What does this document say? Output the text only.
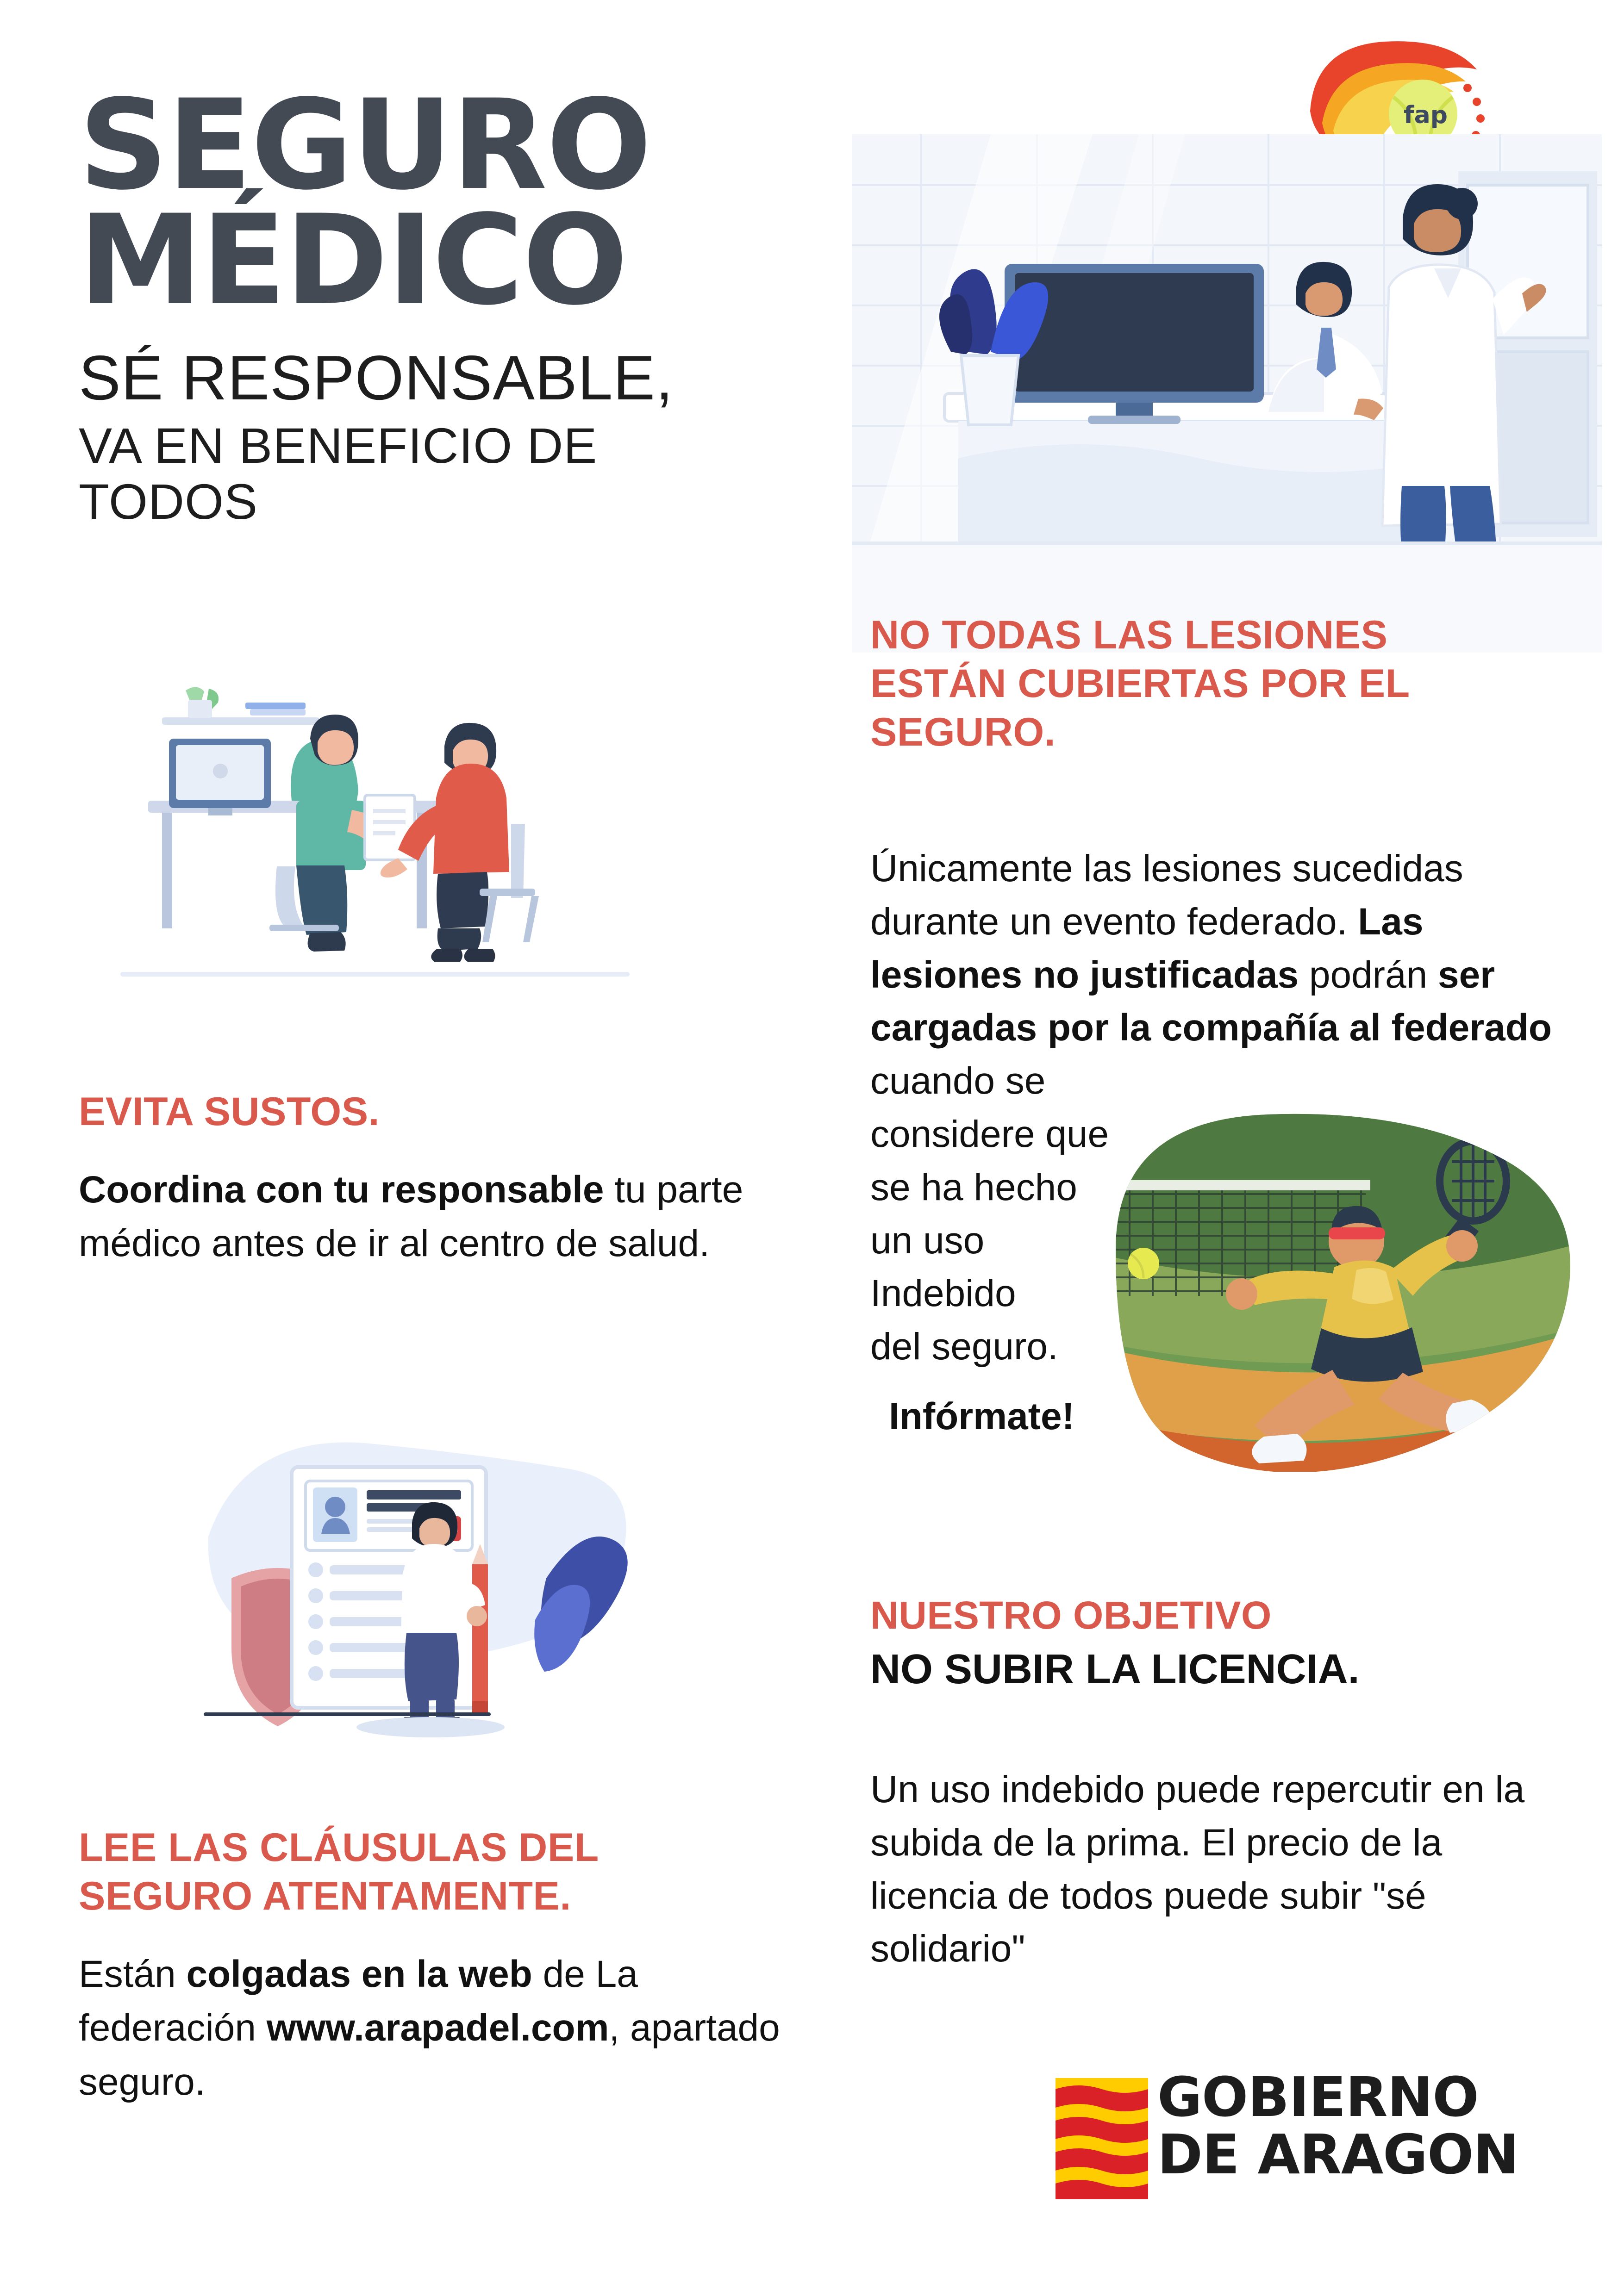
SEGURO
MÉDICO
SÉ RESPONSABLE,
VA EN BENEFICIO DE TODOS

EVITA SUSTOS.

Coordina con tu responsable tu parte médico antes de ir al centro de salud.

LEE LAS CLÁUSULAS DEL
SEGURO ATENTAMENTE.

Están colgadas en la web de La federación www.arapadel.com, apartado seguro.

fap

NO TODAS LAS LESIONES
ESTÁN CUBIERTAS POR EL
SEGURO.

Únicamente las lesiones sucedidas durante un evento federado. Las lesiones no justificadas podrán ser cargadas por la compañía al federado cuando se

considere que
se ha hecho
un uso
Indebido
del seguro.

Infórmate!

NUESTRO OBJETIVO

NO SUBIR LA LICENCIA.

Un uso indebido puede repercutir en la subida de la prima. El precio de la licencia de todos puede subir "sé solidario"

GOBIERNO
DE ARAGON
